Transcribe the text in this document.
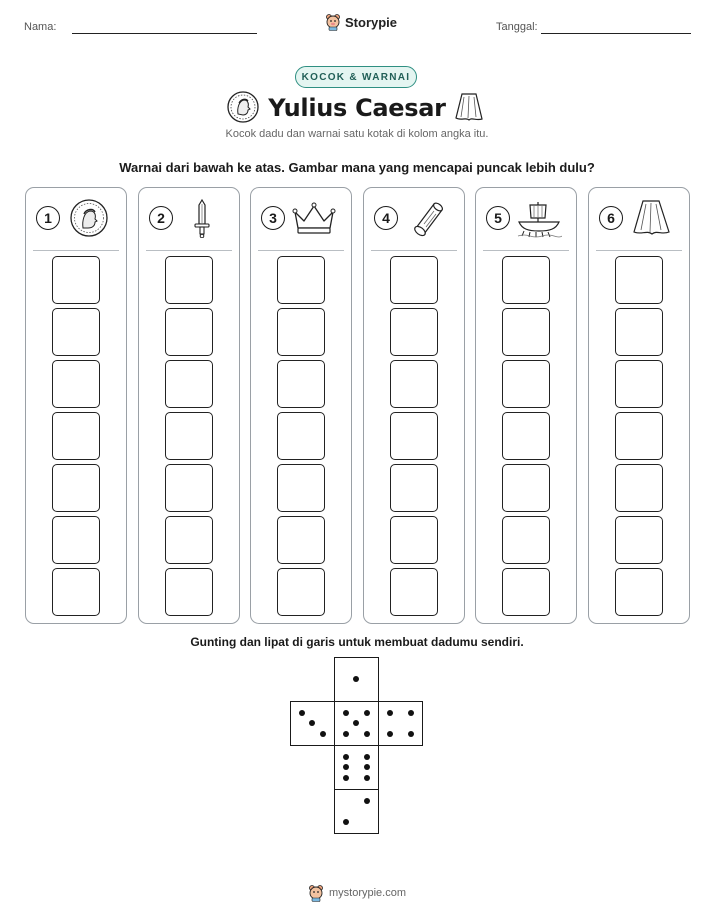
Nama:	Storypie	Tanggal:
KOCOK & WARNAI
Yulius Caesar
Kocok dadu dan warnai satu kotak di kolom angka itu.
Warnai dari bawah ke atas. Gambar mana yang mencapai puncak lebih dulu?
1	2	3	4	5	6
Gunting dan lipat di garis untuk membuat dadumu sendiri.
mystorypie.com
